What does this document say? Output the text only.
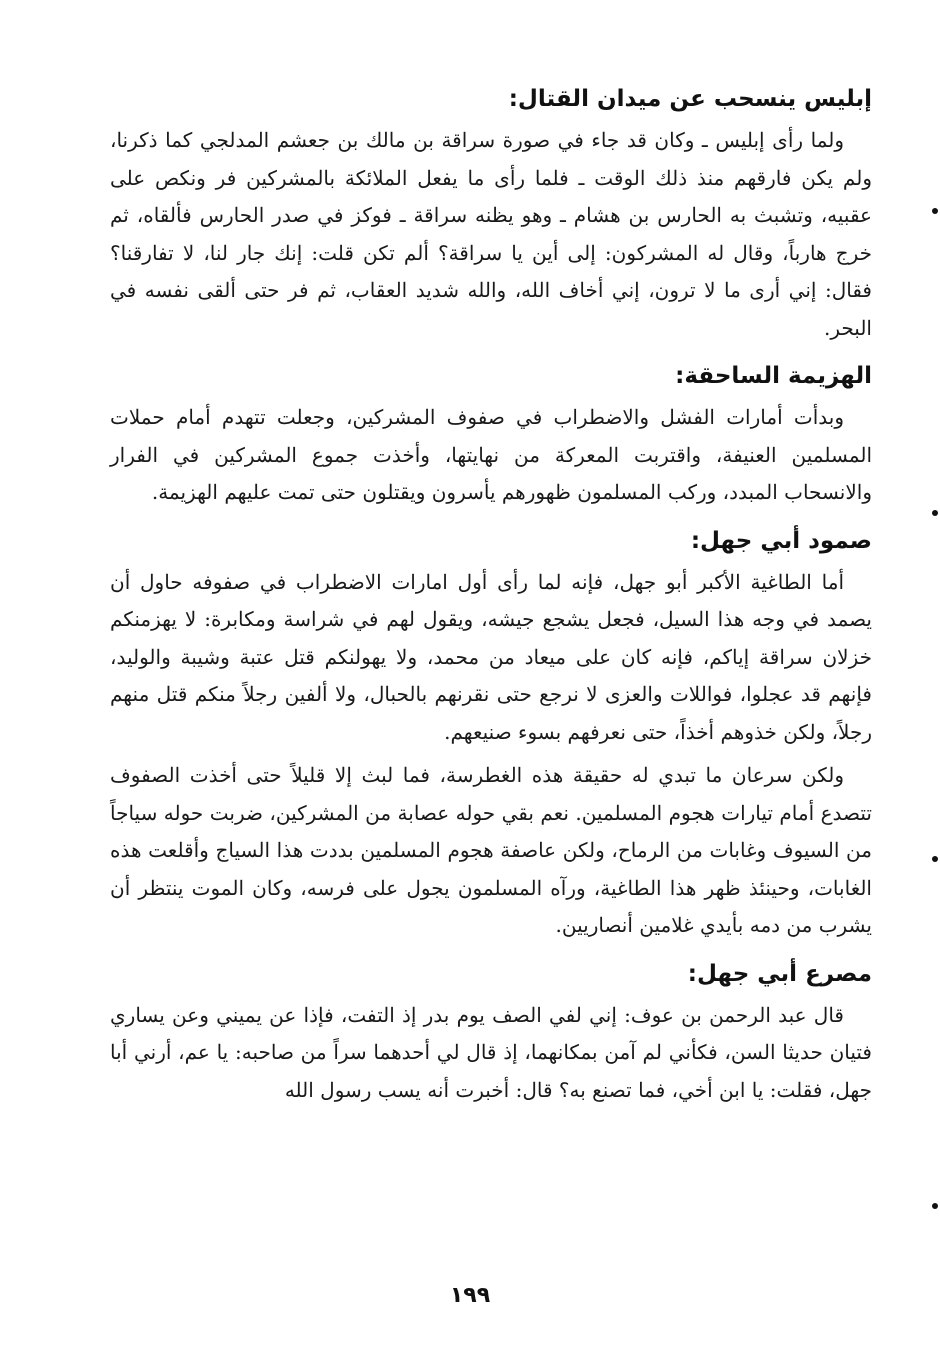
إبليس ينسحب عن ميدان القتال:

ولما رأى إبليس ـ وكان قد جاء في صورة سراقة بن مالك بن جعشم المدلجي كما ذكرنا، ولم يكن فارقهم منذ ذلك الوقت ـ فلما رأى ما يفعل الملائكة بالمشركين فر ونكص على عقبيه، وتشبث به الحارس بن هشام ـ وهو يظنه سراقة ـ فوكز في صدر الحارس فألقاه، ثم خرج هارباً، وقال له المشركون: إلى أين يا سراقة؟ ألم تكن قلت: إنك جار لنا، لا تفارقنا؟ فقال: إني أرى ما لا ترون، إني أخاف الله، والله شديد العقاب، ثم فر حتى ألقى نفسه في البحر.

الهزيمة الساحقة:

وبدأت أمارات الفشل والاضطراب في صفوف المشركين، وجعلت تتهدم أمام حملات المسلمين العنيفة، واقتربت المعركة من نهايتها، وأخذت جموع المشركين في الفرار والانسحاب المبدد، وركب المسلمون ظهورهم يأسرون ويقتلون حتى تمت عليهم الهزيمة.

صمود أبي جهل:

أما الطاغية الأكبر أبو جهل، فإنه لما رأى أول امارات الاضطراب في صفوفه حاول أن يصمد في وجه هذا السيل، فجعل يشجع جيشه، ويقول لهم في شراسة ومكابرة: لا يهزمنكم خزلان سراقة إياكم، فإنه كان على ميعاد من محمد، ولا يهولنكم قتل عتبة وشيبة والوليد، فإنهم قد عجلوا، فواللات والعزى لا نرجع حتى نقرنهم بالحبال، ولا ألفين رجلاً منكم قتل منهم رجلاً، ولكن خذوهم أخذاً، حتى نعرفهم بسوء صنيعهم.

ولكن سرعان ما تبدي له حقيقة هذه الغطرسة، فما لبث إلا قليلاً حتى أخذت الصفوف تتصدع أمام تيارات هجوم المسلمين. نعم بقي حوله عصابة من المشركين، ضربت حوله سياجاً من السيوف وغابات من الرماح، ولكن عاصفة هجوم المسلمين بددت هذا السياج وأقلعت هذه الغابات، وحينئذ ظهر هذا الطاغية، ورآه المسلمون يجول على فرسه، وكان الموت ينتظر أن يشرب من دمه بأيدي غلامين أنصاريين.

مصرع أبي جهل:

قال عبد الرحمن بن عوف: إني لفي الصف يوم بدر إذ التفت، فإذا عن يميني وعن يساري فتيان حديثا السن، فكأني لم آمن بمكانهما، إذ قال لي أحدهما سراً من صاحبه: يا عم، أرني أبا جهل، فقلت: يا ابن أخي، فما تصنع به؟ قال: أخبرت أنه يسب رسول الله

١٩٩
